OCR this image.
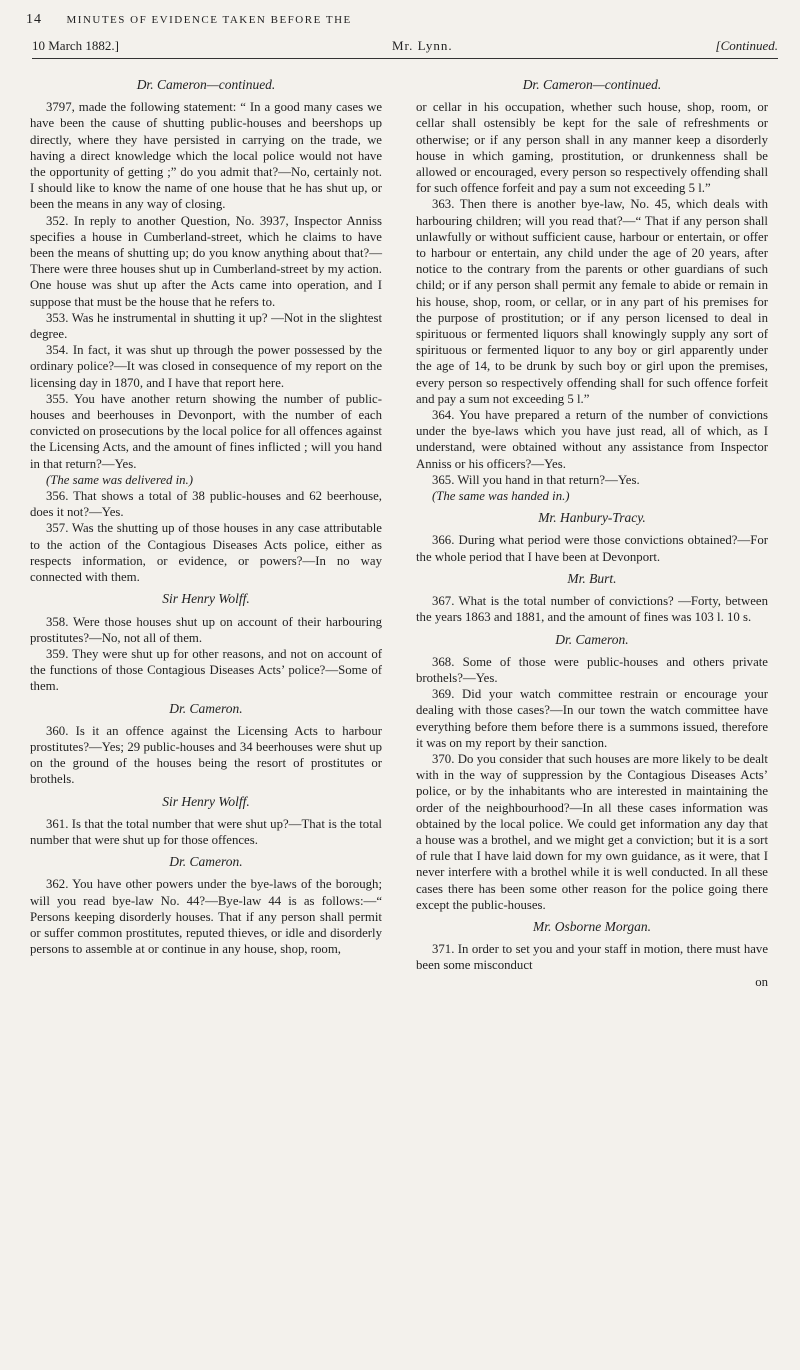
14 MINUTES OF EVIDENCE TAKEN BEFORE THE
10 March 1882.]	Mr. Lynn.	[Continued.
Dr. Cameron—continued.

3797, made the following statement: “ In a good many cases we have been the cause of shutting public-houses and beershops up directly, where they have persisted in carrying on the trade, we having a direct knowledge which the local police would not have the opportunity of getting ;” do you admit that?—No, certainly not. I should like to know the name of one house that he has shut up, or been the means in any way of closing.

352. In reply to another Question, No. 3937, Inspector Anniss specifies a house in Cumberland-street, which he claims to have been the means of shutting up; do you know anything about that?—There were three houses shut up in Cumberland-street by my action. One house was shut up after the Acts came into operation, and I suppose that must be the house that he refers to.

353. Was he instrumental in shutting it up? —Not in the slightest degree.

354. In fact, it was shut up through the power possessed by the ordinary police?—It was closed in consequence of my report on the licensing day in 1870, and I have that report here.

355. You have another return showing the number of public-houses and beerhouses in Devonport, with the number of each convicted on prosecutions by the local police for all offences against the Licensing Acts, and the amount of fines inflicted ; will you hand in that return?—Yes.

(The same was delivered in.)

356. That shows a total of 38 public-houses and 62 beerhouse, does it not?—Yes.

357. Was the shutting up of those houses in any case attributable to the action of the Contagious Diseases Acts police, either as respects information, or evidence, or powers?—In no way connected with them.

Sir Henry Wolff.

358. Were those houses shut up on account of their harbouring prostitutes?—No, not all of them.

359. They were shut up for other reasons, and not on account of the functions of those Contagious Diseases Acts’ police?—Some of them.

Dr. Cameron.

360. Is it an offence against the Licensing Acts to harbour prostitutes?—Yes; 29 public-houses and 34 beerhouses were shut up on the ground of the houses being the resort of prostitutes or brothels.

Sir Henry Wolff.

361. Is that the total number that were shut up?—That is the total number that were shut up for those offences.

Dr. Cameron.

362. You have other powers under the bye-laws of the borough; will you read bye-law No. 44?—Bye-law 44 is as follows:—“ Persons keeping disorderly houses. That if any person shall permit or suffer common prostitutes, reputed thieves, or idle and disorderly persons to assemble at or continue in any house, shop, room,

Dr. Cameron—continued.

or cellar in his occupation, whether such house, shop, room, or cellar shall ostensibly be kept for the sale of refreshments or otherwise; or if any person shall in any manner keep a disorderly house in which gaming, prostitution, or drunkenness shall be allowed or encouraged, every person so respectively offending shall for such offence forfeit and pay a sum not exceeding 5 l.”

363. Then there is another bye-law, No. 45, which deals with harbouring children; will you read that?—“ That if any person shall unlawfully or without sufficient cause, harbour or entertain, or offer to harbour or entertain, any child under the age of 20 years, after notice to the contrary from the parents or other guardians of such child; or if any person shall permit any female to abide or remain in his house, shop, room, or cellar, or in any part of his premises for the purpose of prostitution; or if any person licensed to deal in spirituous or fermented liquors shall knowingly supply any sort of spirituous or fermented liquor to any boy or girl apparently under the age of 14, to be drunk by such boy or girl upon the premises, every person so respectively offending shall for such offence forfeit and pay a sum not exceeding 5 l.”

364. You have prepared a return of the number of convictions under the bye-laws which you have just read, all of which, as I understand, were obtained without any assistance from Inspector Anniss or his officers?—Yes.

365. Will you hand in that return?—Yes.

(The same was handed in.)

Mr. Hanbury-Tracy.

366. During what period were those convictions obtained?—For the whole period that I have been at Devonport.

Mr. Burt.

367. What is the total number of convictions? —Forty, between the years 1863 and 1881, and the amount of fines was 103 l. 10 s.

Dr. Cameron.

368. Some of those were public-houses and others private brothels?—Yes.

369. Did your watch committee restrain or encourage your dealing with those cases?—In our town the watch committee have everything before them before there is a summons issued, therefore it was on my report by their sanction.

370. Do you consider that such houses are more likely to be dealt with in the way of suppression by the Contagious Diseases Acts’ police, or by the inhabitants who are interested in maintaining the order of the neighbourhood?—In all these cases information was obtained by the local police. We could get information any day that a house was a brothel, and we might get a conviction; but it is a sort of rule that I have laid down for my own guidance, as it were, that I never interfere with a brothel while it is well conducted. In all these cases there has been some other reason for the police going there except the public-houses.

Mr. Osborne Morgan.

371. In order to set you and your staff in motion, there must have been some misconduct

on
